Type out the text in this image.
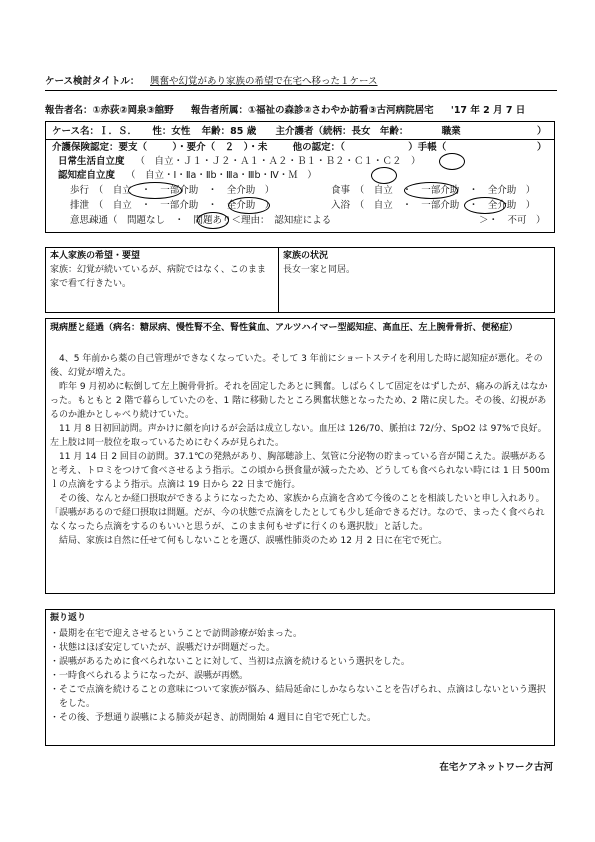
ケース検討タイトル： 興奮や幻覚があり家族の希望で在宅へ移った１ケース
報告者名：①赤荻②岡泉③舘野 報告者所属：①福祉の森診②さわやか訪看③古河病院居宅 '17 年 2 月 7 日
ケース名：Ｉ．Ｓ． 性：女性 年齢：85 歳 主介護者（続柄：長女 年齢：	職業	）
介護保険認定：要支（	）・要介（　２　）・未	他の認定：（	）手帳（	）
日常生活自立度 （　自立・Ｊ１・Ｊ２・Ａ１・Ａ２・Ｂ１・Ｂ２・Ｃ１・Ｃ２　）
認知症自立度 （　自立・Ⅰ・Ⅱa・Ⅱb・Ⅲa・Ⅲb・Ⅳ・Ｍ　）
歩行　（　自立　・　一部介助　・　全介助　）	食事　（　自立　・　一部介助　・　全介助　）
排泄　（　自立　・　一部介助　・　全介助　）	入浴　（　自立　・　一部介助　・　全介助　）
意思疎通（　問題なし　・　問題あり＜理由：　認知症による	＞・　不可　）
本人家族の希望・要望
家族：幻覚が続いているが、病院ではなく、このまま家で看て行きたい。
家族の状況
長女一家と同居。
現病歴と経過（病名：糖尿病、慢性腎不全、腎性貧血、アルツハイマー型認知症、高血圧、左上腕骨骨折、便秘症）

4、5 年前から薬の自己管理ができなくなっていた。そして 3 年前にショートステイを利用した時に認知症が悪化。その後、幻覚が増えた。

昨年 9 月初めに転倒して左上腕骨骨折。それを固定したあとに興奮。しばらくして固定をはずしたが、痛みの訴えはなかった。もともと 2 階で暮らしていたのを、1 階に移動したところ興奮状態となったため、2 階に戻した。その後、幻視があるのか誰かとしゃべり続けていた。

11 月 8 日初回訪問。声かけに顔を向けるが会話は成立しない。血圧は 126/70、脈拍は 72/分、SpO2 は 97%で良好。左上肢は同一肢位を取っているためにむくみが見られた。

11 月 14 日 2 回目の訪問。37.1℃の発熱があり、胸部聴診上、気管に分泌物の貯まっている音が聞こえた。誤嚥があると考え、トロミをつけて食べさせるよう指示。この頃から摂食量が減ったため、どうしても食べられない時には 1 日 500ｍｌの点滴をするよう指示。点滴は 19 日から 22 日まで施行。

その後、なんとか経口摂取ができるようになったため、家族から点滴を含めて今後のことを相談したいと申し入れあり。「誤嚥があるので経口摂取は問題。だが、今の状態で点滴をしたとしても少し延命できるだけ。なので、まったく食べられなくなったら点滴をするのもいいと思うが、このまま何もせずに行くのも選択肢」と話した。

結局、家族は自然に任せて何もしないことを選び、誤嚥性肺炎のため 12 月 2 日に在宅で死亡。

振り返り

・最期を在宅で迎えさせるということで訪問診療が始まった。

・状態はほぼ安定していたが、誤嚥だけが問題だった。

・誤嚥があるために食べられないことに対して、当初は点滴を続けるという選択をした。

・一時食べられるようになったが、誤嚥が再燃。

・そこで点滴を続けることの意味について家族が悩み、結局延命にしかならないことを告げられ、点滴はしないという選択をした。

・その後、予想通り誤嚥による肺炎が起き、訪問開始 4 週目に自宅で死亡した。

在宅ケアネットワーク古河
